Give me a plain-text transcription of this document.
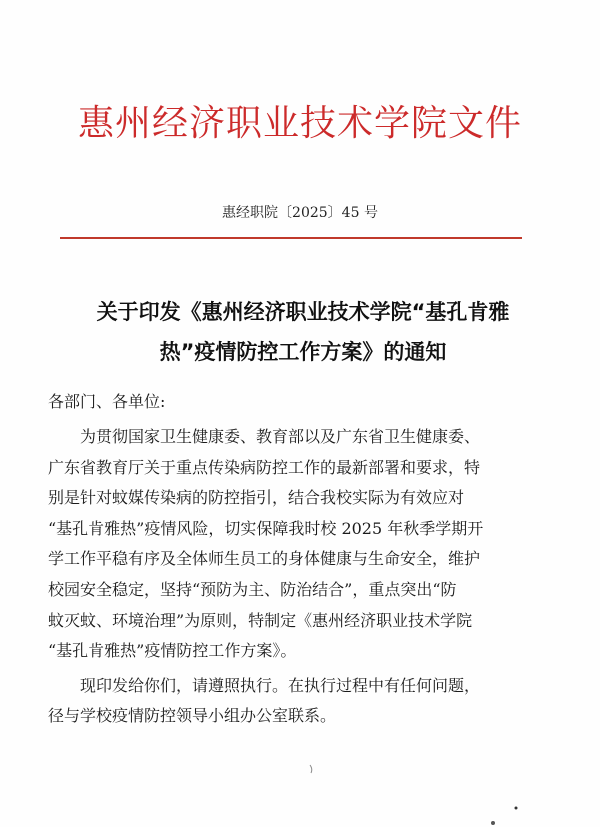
惠州经济职业技术学院文件
惠经职院〔2025〕45 号
关于印发《惠州经济职业技术学院“基孔肯雅
热”疫情防控工作方案》的通知
各部门、各单位:
为贯彻国家卫生健康委、教育部以及广东省卫生健康委、
广东省教育厅关于重点传染病防控工作的最新部署和要求，特
别是针对蚊媒传染病的防控指引，结合我校实际为有效应对
“基孔肯雅热”疫情风险，切实保障我时校 2025 年秋季学期开
学工作平稳有序及全体师生员工的身体健康与生命安全，维护
校园安全稳定，坚持“预防为主、防治结合”，重点突出“防
蚊灭蚊、环境治理”为原则，特制定《惠州经济职业技术学院
“基孔肯雅热”疫情防控工作方案》。
现印发给你们，请遵照执行。在执行过程中有任何问题，
径与学校疫情防控领导小组办公室联系。
